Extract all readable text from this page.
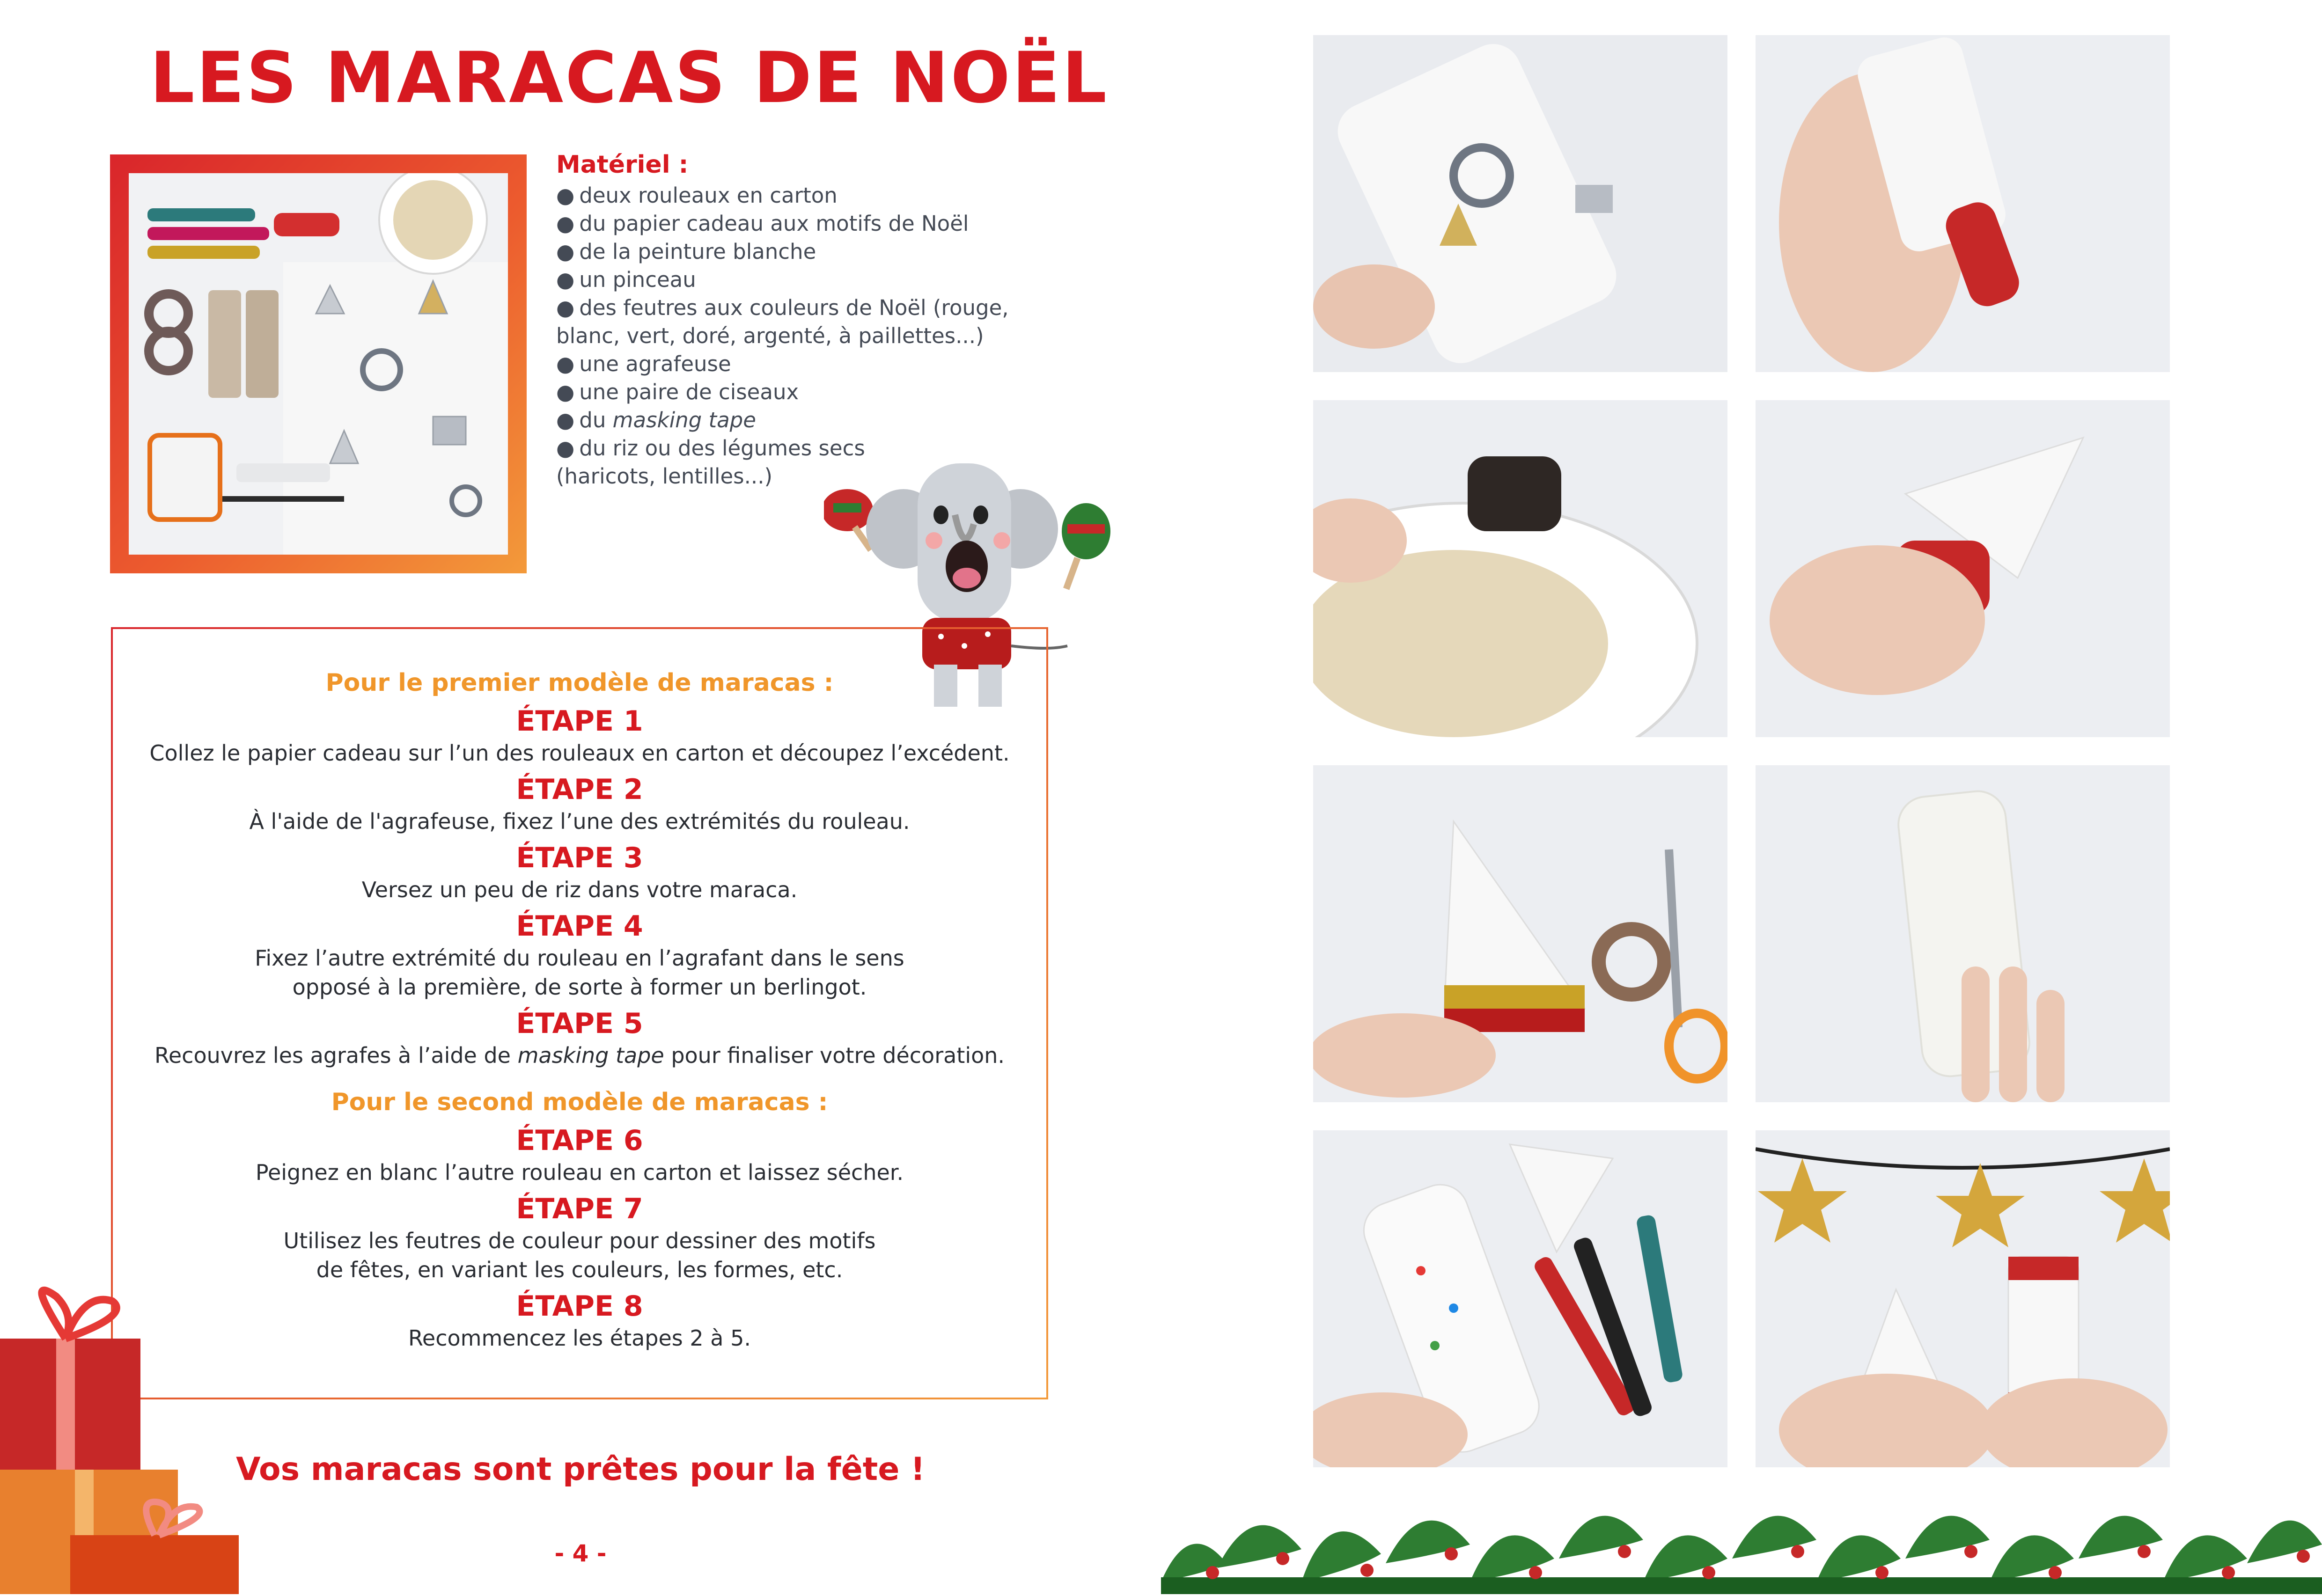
LES MARACAS DE NOËL

Matériel :

● deux rouleaux en carton
● du papier cadeau aux motifs de Noël
● de la peinture blanche
● un pinceau
● des feutres aux couleurs de Noël (rouge,
blanc, vert, doré, argenté, à paillettes...)
● une agrafeuse
● une paire de ciseaux
● du masking tape
● du riz ou des légumes secs
(haricots, lentilles...)

Pour le premier modèle de maracas :

ÉTAPE 1

Collez le papier cadeau sur l’un des rouleaux en carton et découpez l’excédent.

ÉTAPE 2

À l'aide de l'agrafeuse, fixez l’une des extrémités du rouleau.

ÉTAPE 3

Versez un peu de riz dans votre maraca.

ÉTAPE 4

Fixez l’autre extrémité du rouleau en l’agrafant dans le sens
opposé à la première, de sorte à former un berlingot.

ÉTAPE 5

Recouvrez les agrafes à l’aide de masking tape pour finaliser votre décoration.

Pour le second modèle de maracas :

ÉTAPE 6

Peignez en blanc l’autre rouleau en carton et laissez sécher.

ÉTAPE 7

Utilisez les feutres de couleur pour dessiner des motifs
de fêtes, en variant les couleurs, les formes, etc.

ÉTAPE 8

Recommencez les étapes 2 à 5.

Vos maracas sont prêtes pour la fête !

- 4 -
